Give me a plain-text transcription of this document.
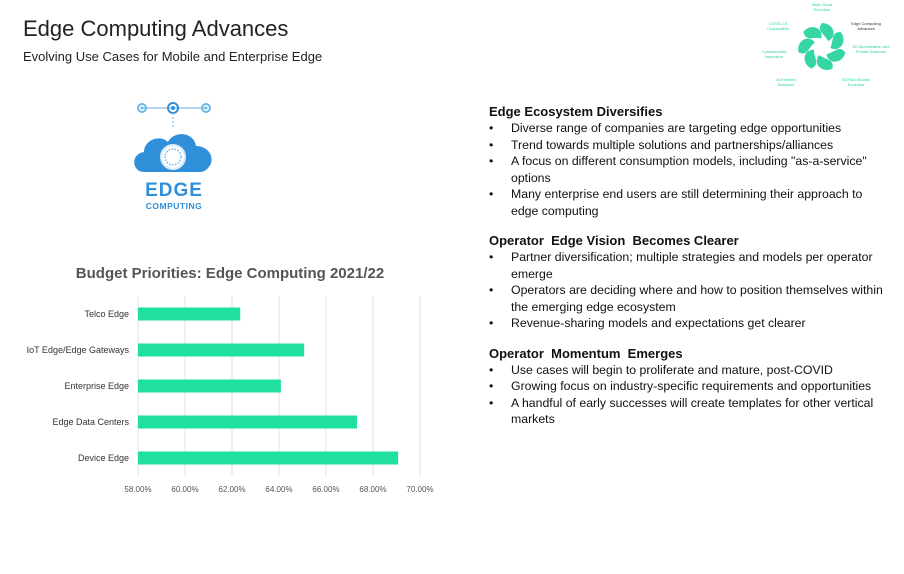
Edge Computing Advances
Evolving Use Cases for Mobile and Enterprise Edge
Multi-Cloud Evolution
Edge Computing Advances
5G Monetization and Private Networks
5G/RAN Boosts Evolution
AI-Enabled Networks
Cybersecurity Imperative
COVID-19 Cooperation
EDGE
COMPUTING
Budget Priorities: Edge Computing 2021/22
58.00% 60.00% 62.00% 64.00% 66.00% 68.00% 70.00%
Telco Edge
IoT Edge/Edge Gateways
Enterprise Edge
Edge Data Centers
Device Edge
Edge Ecosystem Diversifies
• Diverse range of companies are targeting edge opportunities
• Trend towards multiple solutions and partnerships/alliances
• A focus on different consumption models, including "as-a-service" options
• Many enterprise end users are still determining their approach to edge computing
Operator  Edge Vision  Becomes Clearer
• Partner diversification; multiple strategies and models per operator emerge
• Operators are deciding where and how to position themselves within the emerging edge ecosystem
• Revenue-sharing models and expectations get clearer
Operator  Momentum  Emerges
• Use cases will begin to proliferate and mature, post-COVID
• Growing focus on industry-specific requirements and opportunities
• A handful of early successes will create templates for other vertical markets
